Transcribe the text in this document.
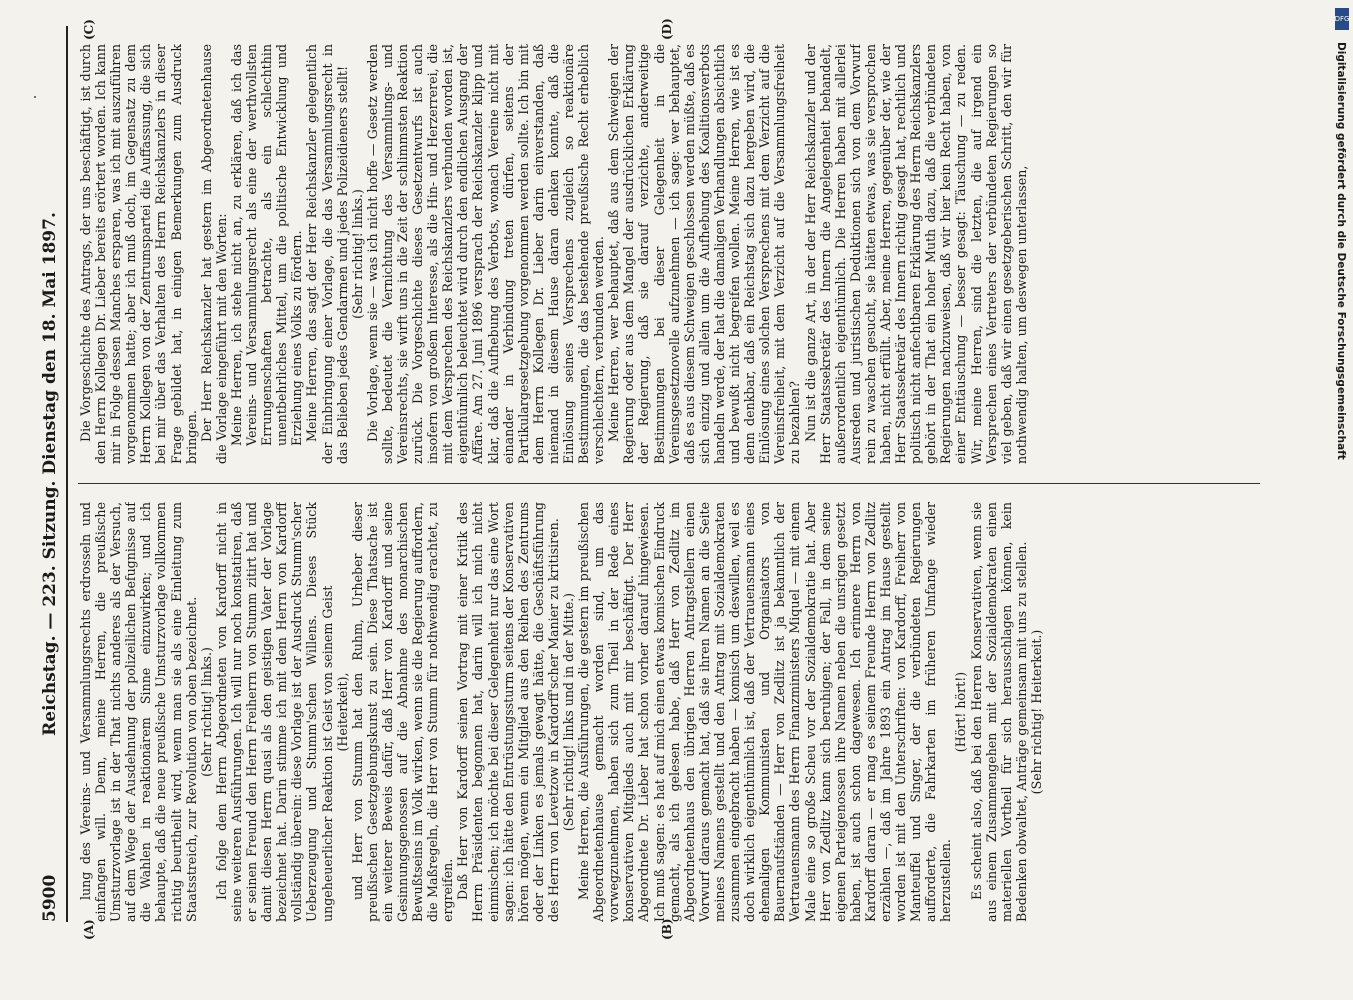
5900
Reichstag. — 223. Sitzung. Dienstag den 18. Mai 1897. lung des Vereins- und Versammlungsrechts erdrosseln und einfangen will. Denn, meine Herren, die preußische Umsturzvorlage ist in der That nichts anderes als der Versuch, auf dem Wege der Ausdehnung der polizeilichen Befugnisse auf die Wahlen in reaktionärem Sinne einzuwirken; und ich behaupte, daß die neue preußische Umsturzvorlage vollkommen richtig beurtheilt wird, wenn man sie als eine Einleitung zum Staatsstreich, zur Revolution von oben bezeichnet. (Sehr richtig! links.) Ich folge dem Herrn Abgeordneten von Kardorff nicht in seine weiteren Ausführungen. Ich will nur noch konstatiren, daß er seinen Freund den Herrn Freiherrn von Stumm zitirt hat und damit diesen Herrn quasi als den geistigen Vater der Vorlage bezeichnet hat. Darin stimme ich mit dem Herrn von Kardorff vollständig überein: diese Vorlage ist der Ausdruck Stumm'scher Ueberzeugung und Stumm'schen Willens. Dieses Stück ungeheuerlicher Reaktion ist Geist von seinem Geist (Heiterkeit), und Herr von Stumm hat den Ruhm, Urheber dieser preußischen Gesetzgebungskunst zu sein. Diese Thatsache ist ein weiterer Beweis dafür, daß Herr von Kardorff und seine Gesinnungsgenossen auf die Abnahme des monarchischen Bewußtseins im Volk wirken, wenn sie die Regierung auffordern, die Maßregeln, die Herr von Stumm für nothwendig erachtet, zu ergreifen. Daß Herr von Kardorff seinen Vortrag mit einer Kritik des Herrn Präsidenten begonnen hat, darin will ich mich nicht einmischen; ich möchte bei dieser Gelegenheit nur das eine Wort sagen: ich hätte den Entrüstungssturm seitens der Konservativen hören mögen, wenn ein Mitglied aus den Reihen des Zentrums oder der Linken es jemals gewagt hätte, die Geschäftsführung des Herrn von Levetzow in Kardorff'scher Manier zu kritisiren. (Sehr richtig! links und in der Mitte.) Meine Herren, die Ausführungen, die gestern im preußischen Abgeordnetenhause gemacht worden sind, um das vorwegzunehmen, haben sich zum Theil in der Rede eines konservativen Mitglieds auch mit mir beschäftigt. Der Herr Abgeordnete Dr. Lieber hat schon vorher darauf hingewiesen. Ich muß sagen: es hat auf mich einen etwas komischen Eindruck gemacht, als ich gelesen habe, daß Herr von Zedlitz im Abgeordnetenhaus den übrigen Herren Antragstellern einen Vorwurf daraus gemacht hat, daß sie ihren Namen an die Seite meines Namens gestellt und den Antrag mit Sozialdemokraten zusammen eingebracht haben — komisch um deswillen, weil es doch wirklich eigenthümlich ist, daß der Vertrauensmann eines ehemaligen Kommunisten und Organisators von Bauernaufständen — Herr von Zedlitz ist ja bekanntlich der Vertrauensmann des Herrn Finanzministers Miquel — mit einem Male eine so große Scheu vor der Sozialdemokratie hat. Aber Herr von Zedlitz kann sich beruhigen; der Fall, in dem seine eigenen Parteigenossen ihre Namen neben die unsrigen gesetzt haben, ist auch schon dagewesen. Ich erinnere Herrn von Kardorff daran — er mag es seinem Freunde Herrn von Zedlitz erzählen —, daß im Jahre 1893 ein Antrag im Hause gestellt worden ist mit den Unterschriften: von Kardorff, Freiherr von Manteuffel und Singer, der die verbündeten Regierungen aufforderte, die Fahrkarten im früheren Umfange wieder herzustellen.

(Hört! hört!) Es scheint also, daß bei den Herren Konservativen, wenn sie aus einem Zusammengehen mit der Sozialdemokraten einen materiellen Vortheil für sich herausschlagen können, kein Bedenken obwaltet, Anträge gemeinsam mit uns zu stellen. (Sehr richtig! Heiterkeit.)

Die Vorgeschichte des Antrags, der uns beschäftigt, ist durch den Herrn Kollegen Dr. Lieber bereits erörtert worden. Ich kann mir in Folge dessen Manches ersparen, was ich mit auszuführen vorgenommen hatte; aber ich muß doch, im Gegensatz zu dem Herrn Kollegen von der Zentrumspartei die Auffassung, die sich bei mir über das Verhalten des Herrn Reichskanzlers in dieser Frage gebildet hat, in einigen Bemerkungen zum Ausdruck bringen. Der Herr Reichskanzler hat gestern im Abgeordnetenhause die Vorlage eingeführt mit den Worten: Meine Herren, ich stehe nicht an, zu erklären, daß ich das Vereins- und Versammlungsrecht als eine der werthvollsten Errungenschaften betrachte, als ein schlechthin unentbehrliches Mittel, um die politische Entwicklung und Erziehung eines Volks zu fördern. Meine Herren, das sagt der Herr Reichskanzler gelegentlich der Einbringung einer Vorlage, die das Versammlungsrecht in das Belieben jedes Gendarmen und jedes Polizeidieners stellt! (Sehr richtig! links.) Die Vorlage, wenn sie — was ich nicht hoffe — Gesetz werden sollte, bedeutet die Vernichtung des Versammlungs- und Vereinsrechts, sie wirft uns in die Zeit der schlimmsten Reaktion zurück. Die Vorgeschichte dieses Gesetzentwurfs ist auch insofern von großem Interesse, als die Hin- und Herzerrerei, die mit dem Versprechen des Reichskanzlers verbunden worden ist, eigenthümlich beleuchtet wird durch den endlichen Ausgang der Affäre. Am 27. Juni 1896 versprach der Reichskanzler klipp und klar, daß die Aufhebung des Verbots, wonach Vereine nicht mit einander in Verbindung treten dürfen, seitens der Partikulargesetzgebung vorgenommen werden sollte. Ich bin mit dem Herrn Kollegen Dr. Lieber darin einverstanden, daß niemand in diesem Hause daran denken konnte, daß die Einlösung seines Versprechens zugleich so reaktionäre Bestimmungen, die das bestehende preußische Recht erheblich verschlechtern, verbunden werden. Meine Herren, wer behauptet, daß aus dem Schweigen der Regierung oder aus dem Mangel der ausdrücklichen Erklärung der Regierung, daß sie darauf verzichte, anderweitige Bestimmungen bei dieser Gelegenheit in die Vereinsgesetznovelle aufzunehmen — ich sage: wer behauptet, daß es aus diesem Schweigen geschlossen werden müßte, daß es sich einzig und allein um die Aufhebung des Koalitionsverbots handeln werde, der hat die damaligen Verhandlungen absichtlich und bewußt nicht begreifen wollen. Meine Herren, wie ist es denn denkbar, daß ein Reichstag sich dazu hergeben wird, die Einlösung eines solchen Versprechens mit dem Verzicht auf die Vereinsfreiheit, mit dem Verzicht auf die Versammlungsfreiheit zu bezahlen? Nun ist die ganze Art, in der der Herr Reichskanzler und der Herr Staatssekretär des Innern die Angelegenheit behandelt, außerordentlich eigenthümlich. Die Herren haben mit allerlei Ausreden und juristischen Deduktionen sich von dem Vorwurf rein zu waschen gesucht, sie hätten etwas, was sie versprochen haben, nicht erfüllt. Aber, meine Herren, gegenüber der, wie der Herr Staatssekretär des Innern richtig gesagt hat, rechtlich und politisch nicht anfechtbaren Erklärung des Herrn Reichskanzlers gehört in der That ein hoher Muth dazu, daß die verbündeten Regierungen nachzuweisen, daß wir hier kein Recht haben, von einer Enttäuschung — besser gesagt: Täuschung — zu reden. Wir, meine Herren, sind die letzten, die auf irgend ein Versprechen eines Vertreters der verbündeten Regierungen so viel geben, daß wir einen gesetzgeberischen Schritt, den wir für nothwendig halten, um deswegen unterlassen,

(A)	(B)
(C)	(D)	DFG
Digitalisierung gefördert durch die Deutsche Forschungsgemeinschaft
